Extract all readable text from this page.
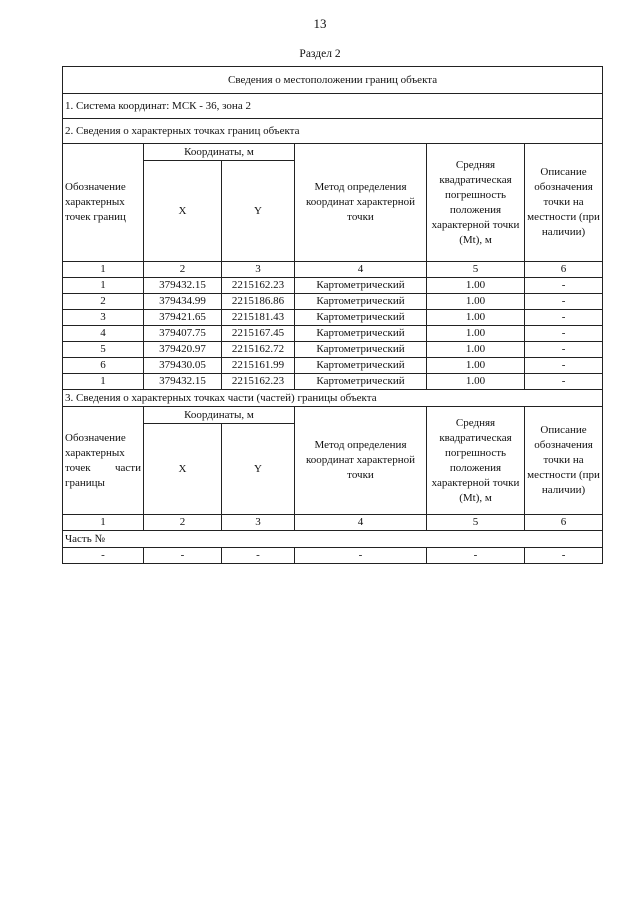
13
Раздел 2
Сведения о местоположении границ объекта					
1. Система координат: МСК - 36, зона 2					
2. Сведения о характерных точках границ объекта					
Обозначение характерных точек границ	Координаты, м		Метод определения координат характерной точки	Средняя квадратическая погрешность положения характерной точки (Mt), м	Описание обозначения точки на местности (при наличии)
	X	Y			
1	2	3	4	5	6
1	379432.15	2215162.23	Картометрический	1.00	-
2	379434.99	2215186.86	Картометрический	1.00	-
3	379421.65	2215181.43	Картометрический	1.00	-
4	379407.75	2215167.45	Картометрический	1.00	-
5	379420.97	2215162.72	Картометрический	1.00	-
6	379430.05	2215161.99	Картометрический	1.00	-
1	379432.15	2215162.23	Картометрический	1.00	-
3. Сведения о характерных точках части (частей) границы объекта					
Обозначение характерных точек части границы	Координаты, м		Метод определения координат характерной точки	Средняя квадратическая погрешность положения характерной точки (Mt), м	Описание обозначения точки на местности (при наличии)
	X	Y			
1	2	3	4	5	6
Часть №					
-	-	-	-	-	-
